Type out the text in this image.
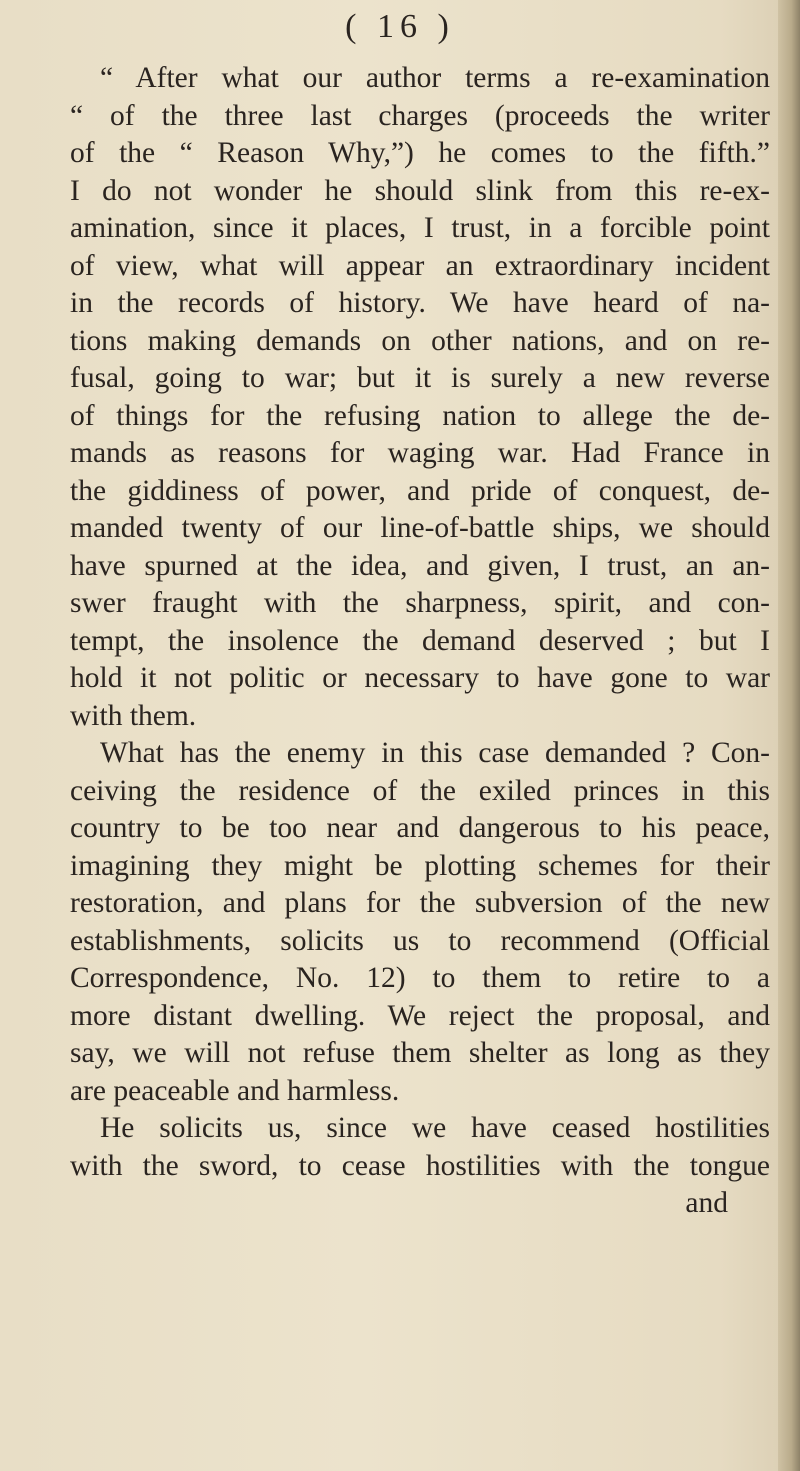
( 16 )
“ After what our author terms a re-examination
“ of the three last charges (proceeds the writer
of the “ Reason Why,”) he comes to the fifth.”
I do not wonder he should slink from this re-ex-
amination, since it places, I trust, in a forcible point
of view, what will appear an extraordinary incident
in the records of history. We have heard of na-
tions making demands on other nations, and on re-
fusal, going to war; but it is surely a new reverse
of things for the refusing nation to allege the de-
mands as reasons for waging war. Had France in
the giddiness of power, and pride of conquest, de-
manded twenty of our line-of-battle ships, we should
have spurned at the idea, and given, I trust, an an-
swer fraught with the sharpness, spirit, and con-
tempt, the insolence the demand deserved ; but I
hold it not politic or necessary to have gone to war
with them.
What has the enemy in this case demanded ? Con-
ceiving the residence of the exiled princes in this
country to be too near and dangerous to his peace,
imagining they might be plotting schemes for their
restoration, and plans for the subversion of the new
establishments, solicits us to recommend (Official
Correspondence, No. 12) to them to retire to a
more distant dwelling. We reject the proposal, and
say, we will not refuse them shelter as long as they
are peaceable and harmless.
He solicits us, since we have ceased hostilities
with the sword, to cease hostilities with the tongue
and
